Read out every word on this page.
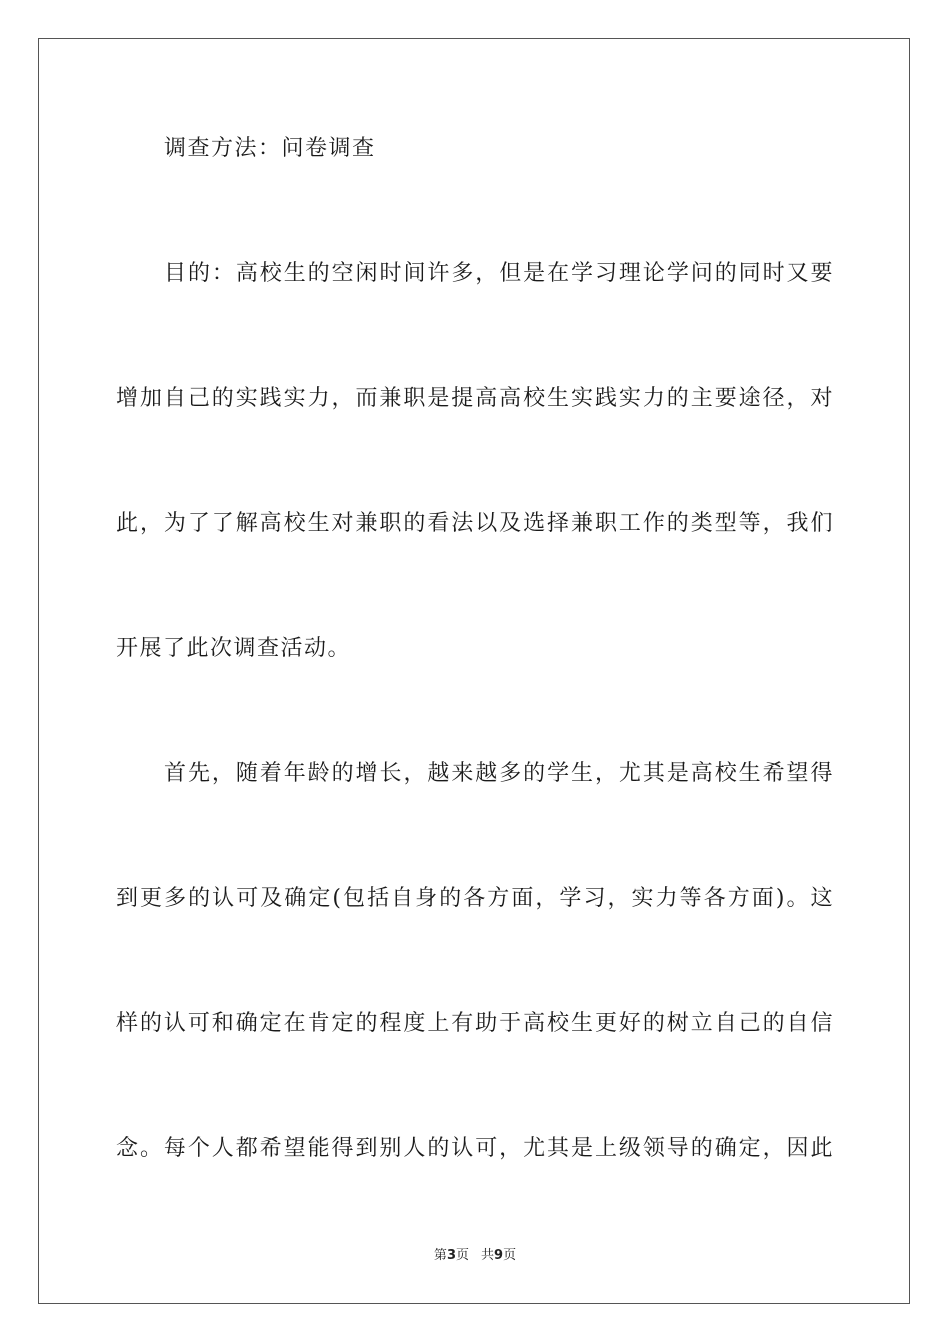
调查方法：问卷调查
目的：高校生的空闲时间许多，但是在学习理论学问的同时又要
增加自己的实践实力，而兼职是提高高校生实践实力的主要途径，对
此，为了了解高校生对兼职的看法以及选择兼职工作的类型等，我们
开展了此次调查活动。
首先，随着年龄的增长，越来越多的学生，尤其是高校生希望得
到更多的认可及确定(包括自身的各方面，学习，实力等各方面)。这
样的认可和确定在肯定的程度上有助于高校生更好的树立自己的自信
念。每个人都希望能得到别人的认可，尤其是上级领导的确定，因此
第3页 共9页
